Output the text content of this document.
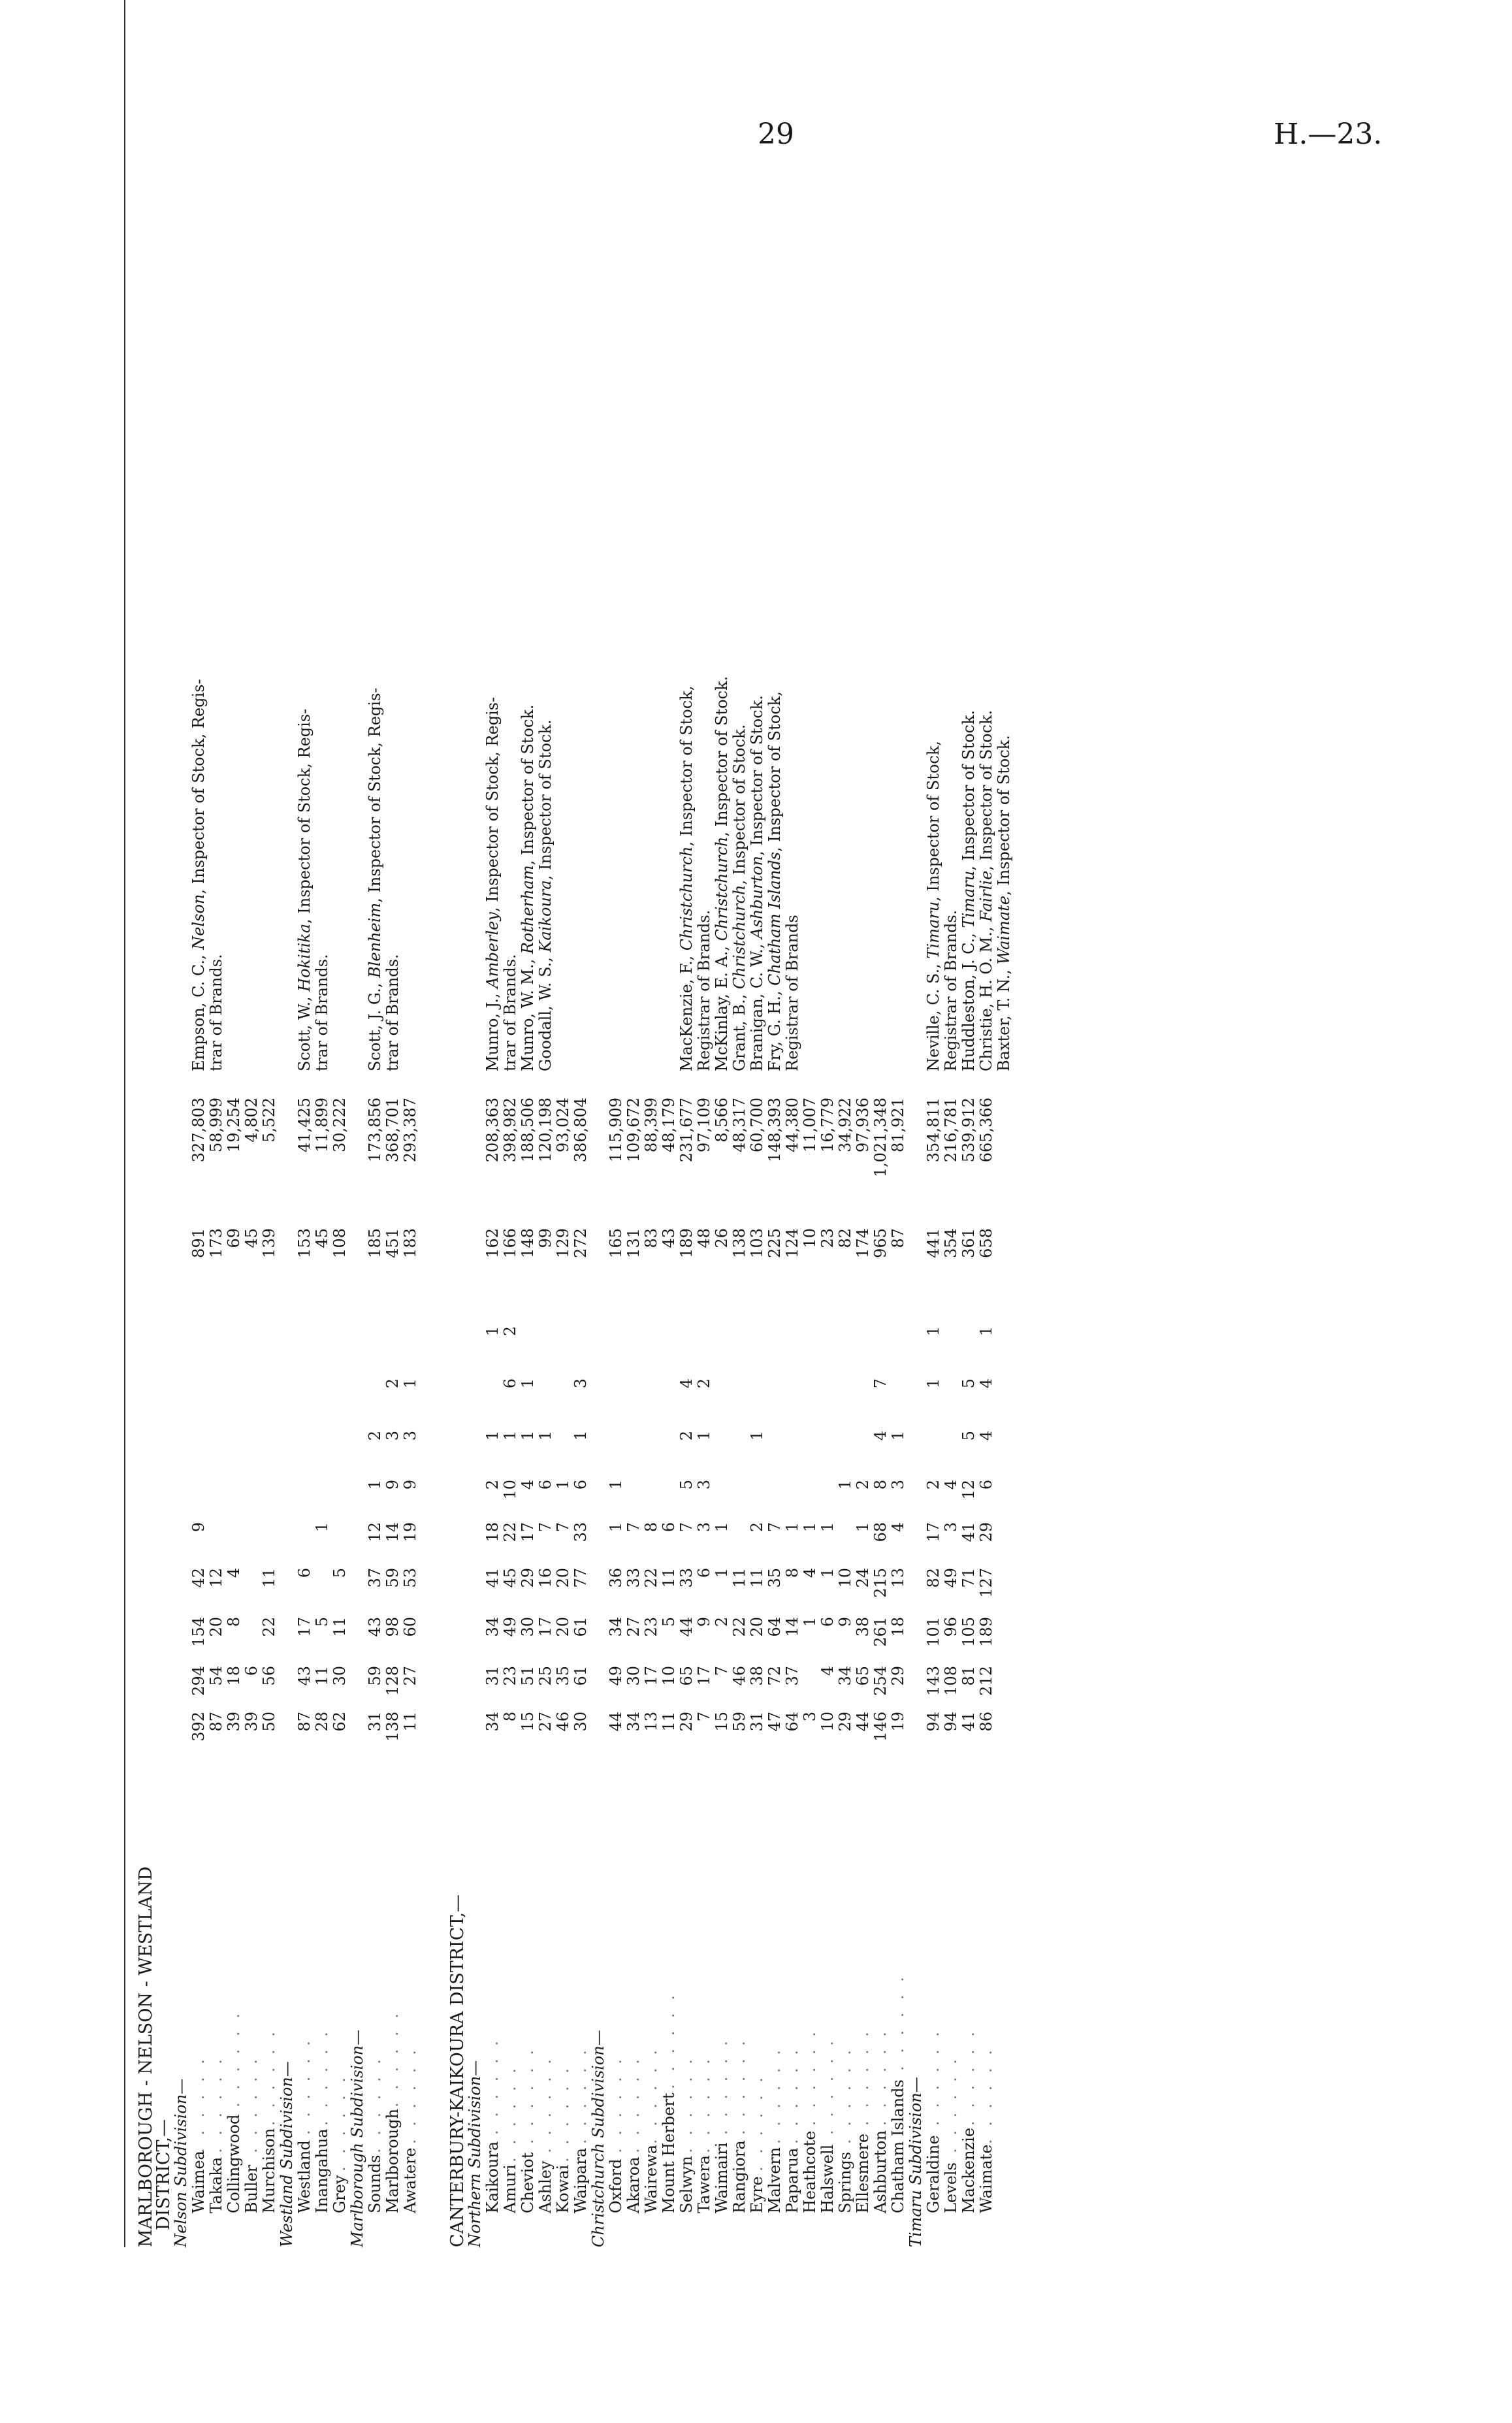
29	H.—23.
MARLBOROUGH - NELSON - WESTLAND
DISTRICT,—
Nelson Subdivision— Waimea
. . . . . .
392
294
154
42
9
891
327,803
Empson, C. C., Nelson, Inspector of Stock, Regis-
Takaka
. . . . . .
87
54
20
12
173
58,999
trar of Brands.
Collingwood
. . . . . .
39
18
8
4
69
19,254
Buller
. . . . . .
39
6
45
4,802
Murchison
. . . . . .
50
56
22
11
139
5,522
Westland Subdivision— Westland
. . . . . .
87
43
17
6
153
41,425
Scott, W., Hokitika, Inspector of Stock, Regis-
Inangahua
. . . . . .
28
11
5
1
45
11,899
trar of Brands.
Grey
. . . . . .
62
30
11
5
108
30,222
Marlborough Subdivision— Sounds
. . . . . .
31
59
43
37
12
1
2
185
173,856
Scott, J. G., Blenheim, Inspector of Stock, Regis-
Marlborough
. . . . . .
138
128
98
59
14
9
3
2
451
368,701
trar of Brands.
Awatere
. . . . . .
11
27
60
53
19
9
3
1
183
293,387
CANTERBURY-KAIKOURA DISTRICT,—
Northern Subdivision— Kaikoura
. . . . . .
34
31
34
41
18
2
1
1
162
208,363
Munro, J., Amberley, Inspector of Stock, Regis-
Amuri
. . . . . .
8
23
49
45
22
10
1
6
2
166
398,982
trar of Brands.
Cheviot
. . . . . .
15
51
30
29
17
4
1
1
148
188,506
Munro, W. M., Rotherham, Inspector of Stock.
Ashley
. . . . . .
27
25
17
16
7
6
1
99
120,198
Goodall, W. S., Kaikoura, Inspector of Stock.
Kowai
. . . . . .
46
35
20
20
7
1
129
93,024
Waipara
. . . . . .
30
61
61
77
33
6
1
3
272
386,804
Christchurch Subdivision— Oxford
. . . . . .
44
49
34
36
1
1
165
115,909
Akaroa
. . . . . .
34
30
27
33
7
131
109,672
Wairewa
. . . . . .
13
17
23
22
8
83
88,399
Mount Herbert
. . . . . .
11
10
5
11
6
43
48,179
Selwyn
. . . . . .
29
65
44
33
7
5
2
4
189
231,677
MacKenzie, F., Christchurch, Inspector of Stock,
Tawera
. . . . . .
7
17
9
6
3
3
1
2
48
97,109
Registrar of Brands.
Waimairi
. . . . . .
15
7
2
1
1
26
8,566
McKinlay, E. A., Christchurch, Inspector of Stock.
Rangiora
. . . . . .
59
46
22
11
138
48,317
Grant, B., Christchurch, Inspector of Stock.
Eyre
. . . . . .
31
38
20
11
2
1
103
60,700
Branigan, C. W., Ashburton, Inspector of Stock.
Malvern
. . . . . .
47
72
64
35
7
225
148,393
Fry, G. H., Chatham Islands, Inspector of Stock,
Paparua
. . . . . .
64
37
14
8
1
124
44,380
Registrar of Brands
Heathcote
. . . . . .
3
1
4
1
10
11,007
Halswell
. . . . . .
10
4
6
1
1
23
16,779
Springs
. . . . . .
29
34
9
10
1
82
34,922
Ellesmere
. . . . . .
44
65
38
24
1
2
174
97,936
Ashburton
. . . . . .
146
254
261
215
68
8
4
7
965
1,021,348
Chatham Islands
. . . . . .
19
29
18
13
4
3
1
87
81,921
Timaru Subdivision— Geraldine
. . . . . .
94
143
101
82
17
2
1
1
441
354,811
Neville, C. S., Timaru, Inspector of Stock,
Levels
. . . . . .
94
108
96
49
3
4
354
216,781
Registrar of Brands.
Mackenzie
. . . . . .
41
81
105
71
41
12
5
5
361
539,912
Huddleston, J. C., Timaru, Inspector of Stock.
Waimate
. . . . . .
86
212
189
127
29
6
4
4
1
658
665,366
Christie, H. O. M., Fairlie, Inspector of Stock.
Baxter, T. N., Waimate, Inspector of Stock.
